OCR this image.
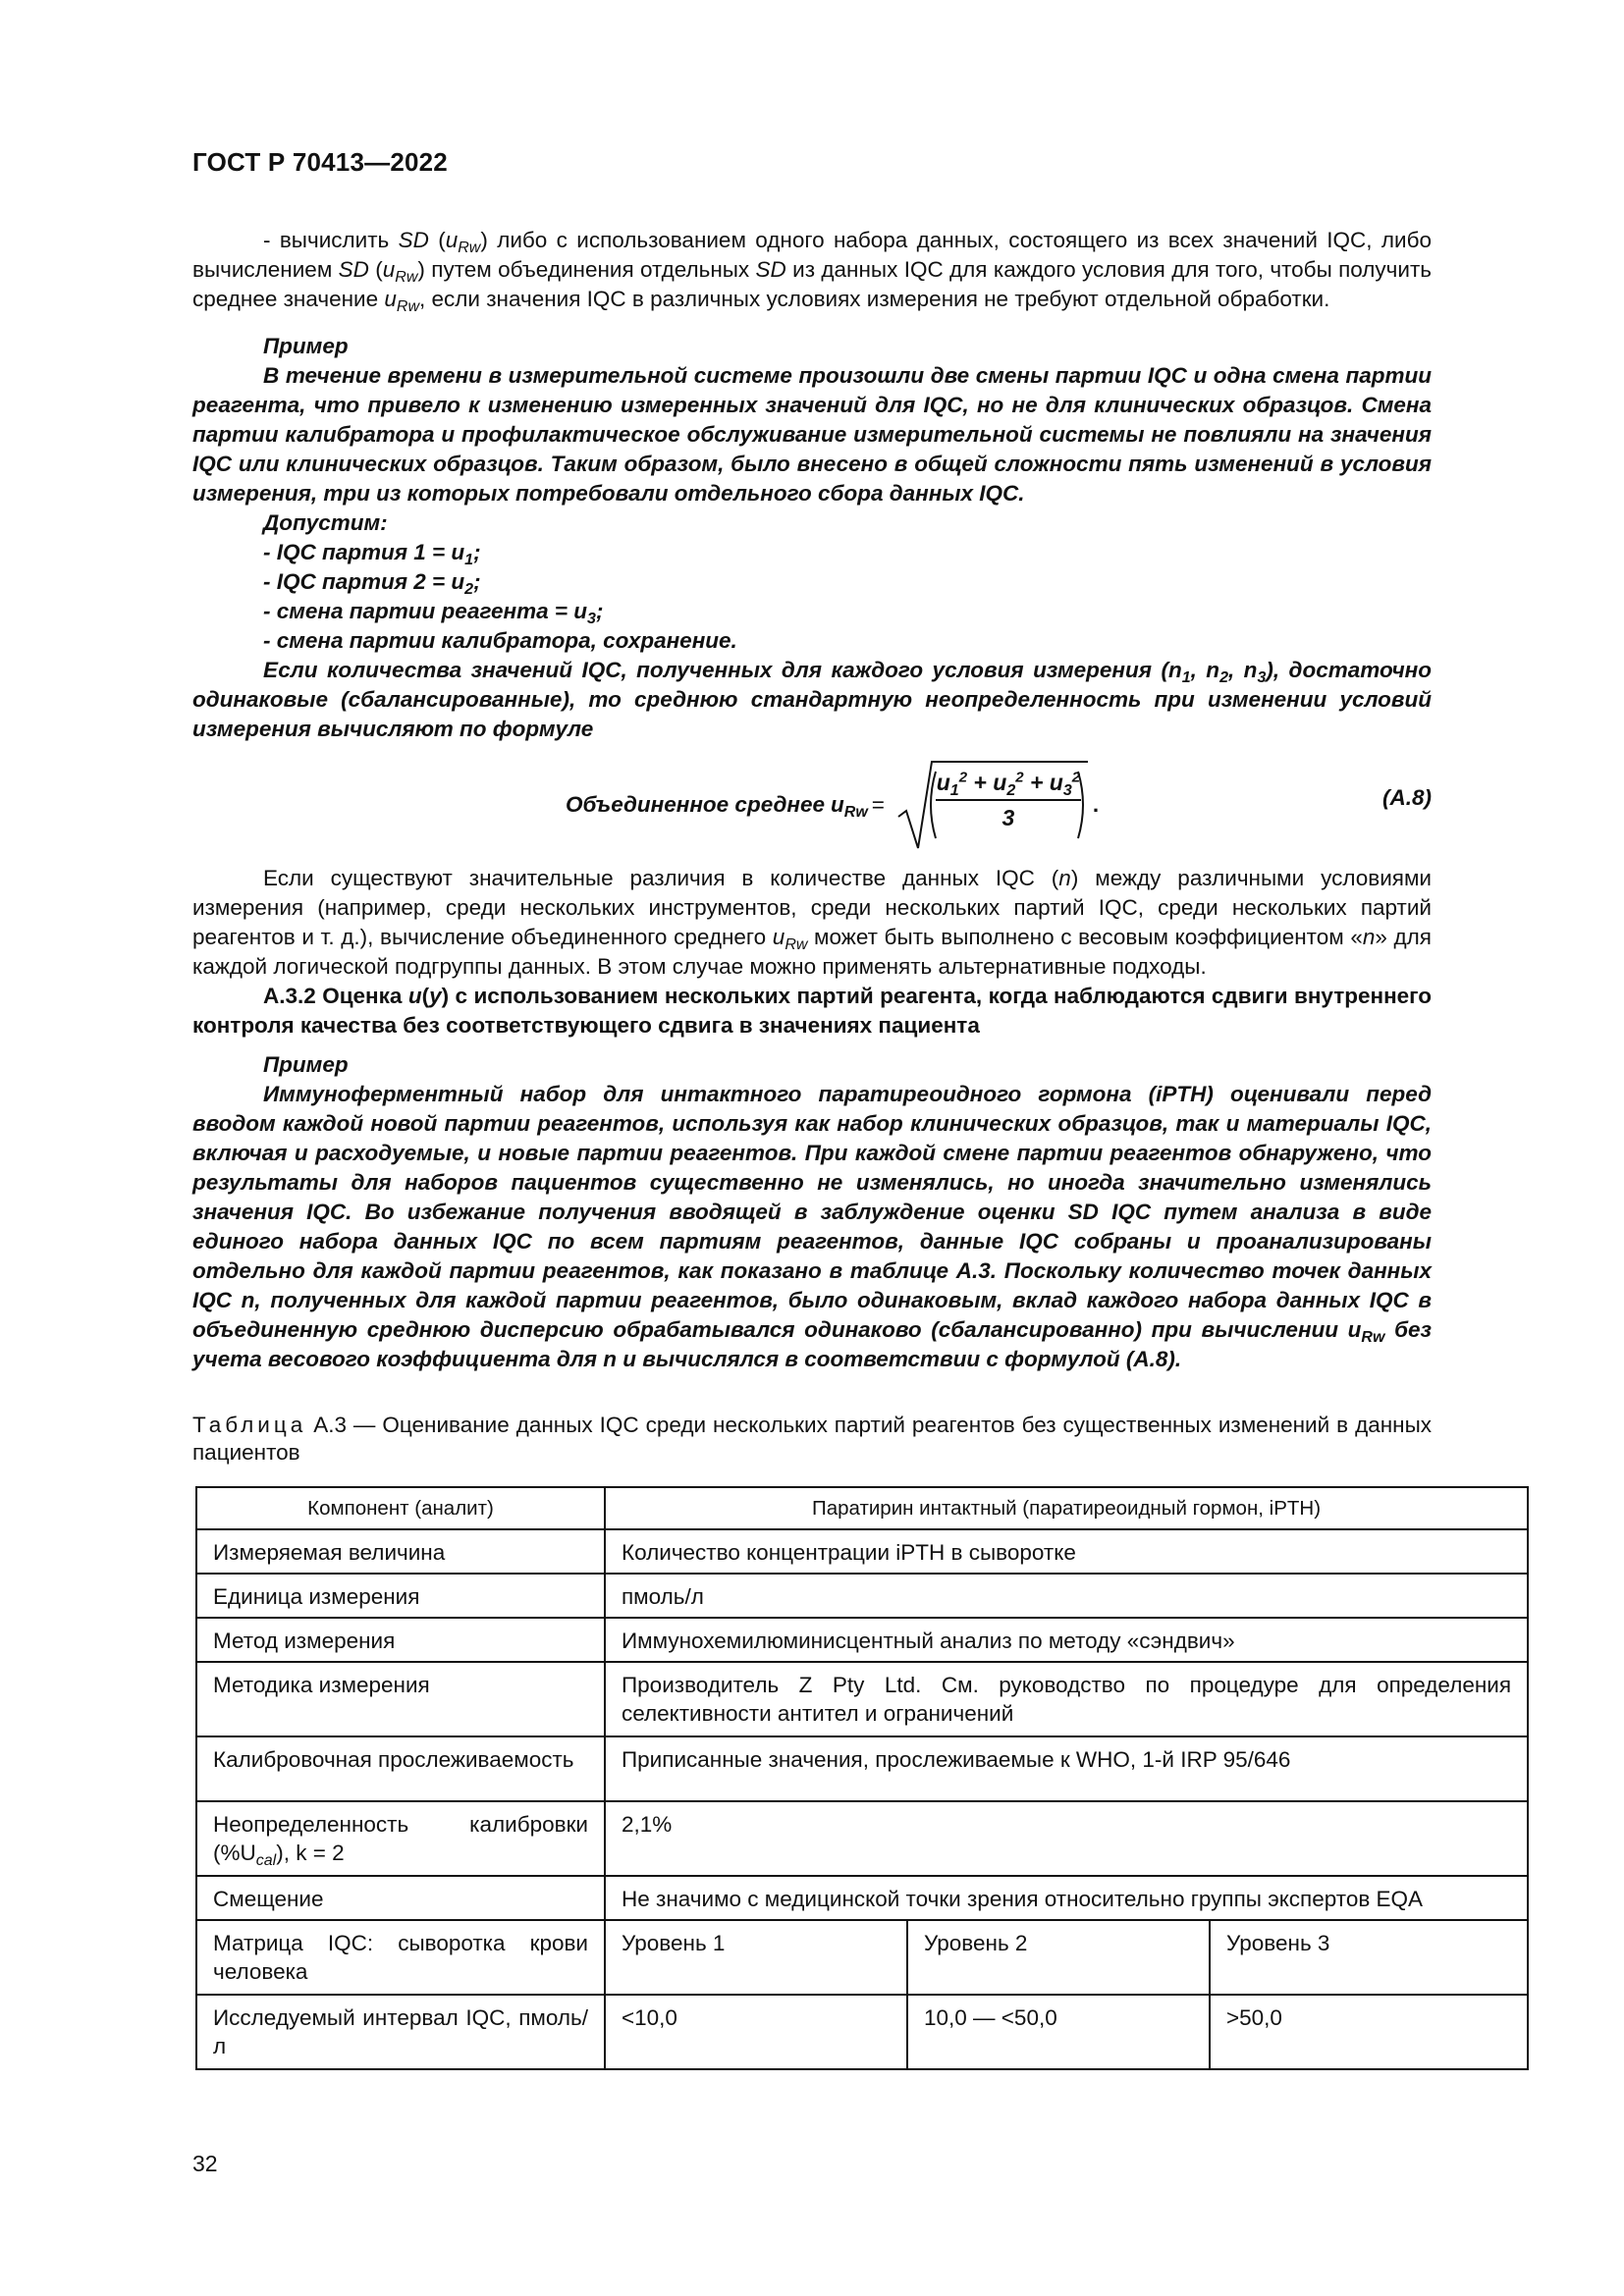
ГОСТ Р 70413—2022

- вычислить SD $(u_{Rw})$ либо с использованием одного набора данных, состоящего из всех значений IQC, либо вычислением SD $(u_{Rw})$ путем объединения отдельных SD из данных IQC для каждого условия для того, чтобы получить среднее значение $u_{Rw}$, если значения IQC в различных условиях измерения не требуют отдельной обработки.

Пример

В течение времени в измерительной системе произошли две смены партии IQC и одна смена партии реагента, что привело к изменению измеренных значений для IQC, но не для клинических образцов. Смена партии калибратора и профилактическое обслуживание измерительной системы не повлияли на значения IQC или клинических образцов. Таким образом, было внесено в общей сложности пять изменений в условия измерения, три из которых потребовали отдельного сбора данных IQC.

Допустим:
- IQC партия $1 = u_1$;
- IQC партия $2 = u_2$;
- смена партии реагента = $u_3$;
- смена партии калибратора, сохранение.

Если количества значений IQC, полученных для каждого условия измерения ($n_1$, $n_2$, $n_3$), достаточно одинаковые (сбалансированные), то среднюю стандартную неопределенность при изменении условий измерения вычисляют по формуле

Объединенное среднее $u_{Rw} = \frac{u_1^2 + u_2^2 + u_3^2}{3}$ .	(A.8)

Если существуют значительные различия в количестве данных IQC (n) между различными условиями измерения (например, среди нескольких инструментов, среди нескольких партий IQC, среди нескольких партий реагентов и т. д.), вычисление объединенного среднего $u_{Rw}$ может быть выполнено с весовым коэффициентом «n» для каждой логической подгруппы данных. В этом случае можно применять альтернативные подходы.

A.3.2 Оценка u(y) с использованием нескольких партий реагента, когда наблюдаются сдвиги внутреннего контроля качества без соответствующего сдвига в значениях пациента

Пример

Иммуноферментный набор для интактного паратиреоидного гормона (iPTH) оценивали перед вводом каждой новой партии реагентов, используя как набор клинических образцов, так и материалы IQC, включая и расходуемые, и новые партии реагентов. При каждой смене партии реагентов обнаружено, что результаты для наборов пациентов существенно не изменялись, но иногда значительно изменялись значения IQC. Во избежание получения вводящей в заблуждение оценки SD IQC путем анализа в виде единого набора данных IQC по всем партиям реагентов, данные IQC собраны и проанализированы отдельно для каждой партии реагентов, как показано в таблице A.3. Поскольку количество точек данных IQC n, полученных для каждой партии реагентов, было одинаковым, вклад каждого набора данных IQC в объединенную среднюю дисперсию обрабатывался одинаково (сбалансированно) при вычислении $u_{Rw}$ без учета весового коэффициента для n и вычислялся в соответствии с формулой (A.8).

Таблица A.3 — Оценивание данных IQC среди нескольких партий реагентов без существенных изменений в данных пациентов
Компонент (аналит)	Паратирин интактный (паратиреоидный гормон, iPTH)		
Измеряемая величина	Количество концентрации iPTH в сыворотке		
Единица измерения	пмоль/л		
Метод измерения	Иммунохемилюминисцентный анализ по методу «сэндвич»		
Методика измерения	Производитель Z Pty Ltd. См. руководство по процедуре для определения селективности антител и ограничений		
Калибровочная прослеживаемость	Приписанные значения, прослеживаемые к WHO, 1-й IRP 95/646		
Неопределенность калибровки $(\%U_{cal})$, k = 2	2,1%		
Смещение	Не значимо с медицинской точки зрения относительно группы экспертов EQA		
Матрица IQC: сыворотка крови человека	Уровень 1	Уровень 2	Уровень 3
Исследуемый интервал IQC, пмоль/л	<10,0	10,0 — <50,0	>50,0
32
